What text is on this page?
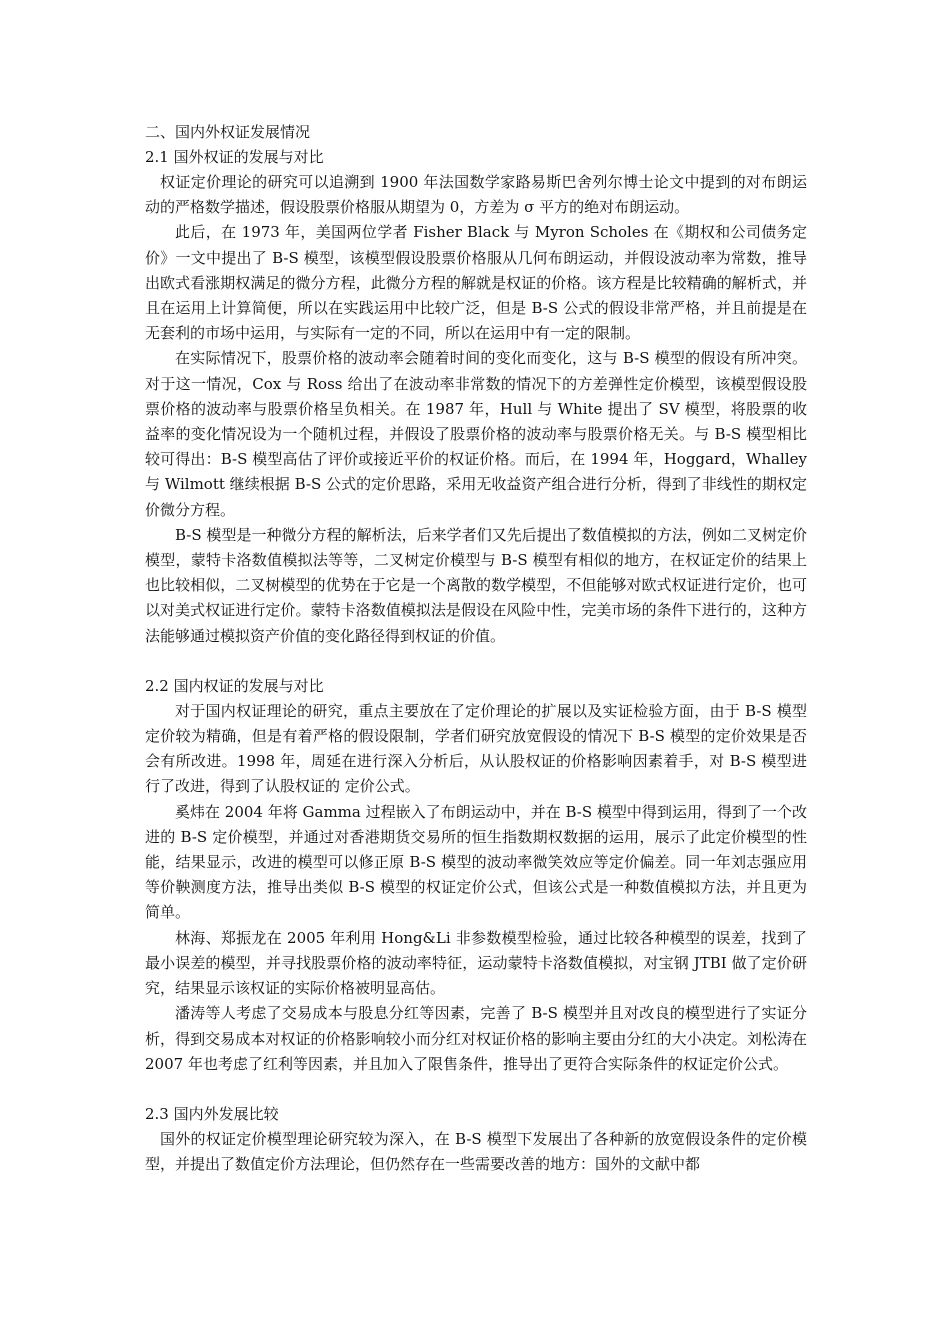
二、国内外权证发展情况

2.1 国外权证的发展与对比

权证定价理论的研究可以追溯到 1900 年法国数学家路易斯巴舍列尔博士论文中提到的对布朗运动的严格数学描述，假设股票价格服从期望为 0，方差为 σ 平方的绝对布朗运动。

此后，在 1973 年，美国两位学者 Fisher Black 与 Myron Scholes 在《期权和公司债务定价》一文中提出了 B-S 模型，该模型假设股票价格服从几何布朗运动，并假设波动率为常数，推导出欧式看涨期权满足的微分方程，此微分方程的解就是权证的价格。该方程是比较精确的解析式，并且在运用上计算简便，所以在实践运用中比较广泛，但是 B-S 公式的假设非常严格，并且前提是在无套利的市场中运用，与实际有一定的不同，所以在运用中有一定的限制。

在实际情况下，股票价格的波动率会随着时间的变化而变化，这与 B-S 模型的假设有所冲突。对于这一情况，Cox 与 Ross 给出了在波动率非常数的情况下的方差弹性定价模型，该模型假设股票价格的波动率与股票价格呈负相关。在 1987 年，Hull 与 White 提出了 SV 模型，将股票的收益率的变化情况设为一个随机过程，并假设了股票价格的波动率与股票价格无关。与 B-S 模型相比较可得出：B-S 模型高估了评价或接近平价的权证价格。而后，在 1994 年，Hoggard，Whalley 与 Wilmott 继续根据 B-S 公式的定价思路，采用无收益资产组合进行分析，得到了非线性的期权定价微分方程。

B-S 模型是一种微分方程的解析法，后来学者们又先后提出了数值模拟的方法，例如二叉树定价模型，蒙特卡洛数值模拟法等等，二叉树定价模型与 B-S 模型有相似的地方，在权证定价的结果上也比较相似，二叉树模型的优势在于它是一个离散的数学模型，不但能够对欧式权证进行定价，也可以对美式权证进行定价。蒙特卡洛数值模拟法是假设在风险中性，完美市场的条件下进行的，这种方法能够通过模拟资产价值的变化路径得到权证的价值。

2.2 国内权证的发展与对比

对于国内权证理论的研究，重点主要放在了定价理论的扩展以及实证检验方面，由于 B-S 模型定价较为精确，但是有着严格的假设限制，学者们研究放宽假设的情况下 B-S 模型的定价效果是否会有所改进。1998 年，周延在进行深入分析后，从认股权证的价格影响因素着手，对 B-S 模型进行了改进，得到了认股权证的 定价公式。

奚炜在 2004 年将 Gamma 过程嵌入了布朗运动中，并在 B-S 模型中得到运用，得到了一个改进的 B-S 定价模型，并通过对香港期货交易所的恒生指数期权数据的运用，展示了此定价模型的性能，结果显示，改进的模型可以修正原 B-S 模型的波动率微笑效应等定价偏差。同一年刘志强应用等价鞅测度方法，推导出类似 B-S 模型的权证定价公式，但该公式是一种数值模拟方法，并且更为简单。

林海、郑振龙在 2005 年利用 Hong&Li 非参数模型检验，通过比较各种模型的误差，找到了最小误差的模型，并寻找股票价格的波动率特征，运动蒙特卡洛数值模拟，对宝钢 JTBI 做了定价研究，结果显示该权证的实际价格被明显高估。

潘涛等人考虑了交易成本与股息分红等因素，完善了 B-S 模型并且对改良的模型进行了实证分析，得到交易成本对权证的价格影响较小而分红对权证价格的影响主要由分红的大小决定。刘松涛在 2007 年也考虑了红利等因素，并且加入了限售条件，推导出了更符合实际条件的权证定价公式。

2.3 国内外发展比较

国外的权证定价模型理论研究较为深入，在 B-S 模型下发展出了各种新的放宽假设条件的定价模型，并提出了数值定价方法理论，但仍然存在一些需要改善的地方：国外的文献中都
